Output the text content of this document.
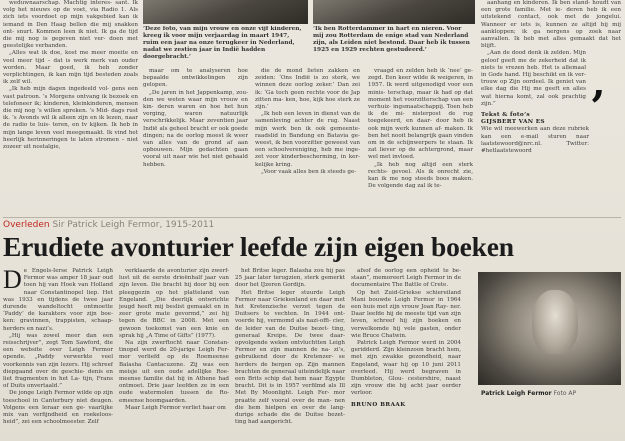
weduwnaarschap. Machtig interes- sant. Ik volg het nieuws op de voet, via Radio 1. Als zich iets voordoet op mijn vakgebied kan ik iemand in Den Haag bellen die mij snakken ont- snurt. Kommen leen ik niet. Ik ga de tijd die mij nog is gegeven niet ver- doen met geestelijke verbanden.

„Alles wat ik doe, kost me meer moeite en veel meer tijd – dat is werk merk van ouder worden. Maar goed, ik heb zonder verplichtingen, ik kan mijn tijd besteden zoals ik zelf wil.

„Ik heb mijn dagen ingedeeld vol- gens een vast patroon. ’s Morgens ontvang ik bezoek en telefoneer ik; kinderen, kleinkinderen, mensen die mij nog ’s willen spreken. ’s Mid- dags rust ik. ’s Avonds wil ik alleen zijn en ik lezen, naar de radio te luis- teren, en tv kijken. Ik heb in mijn lange leven veel meegemaakt. Ik vind het heerlijk herinneringen te laten stromen – niet zozeer uit nostalgie,

‘Deze foto, van mijn vrouw en onze vijf kinderen, kreeg ik voor mijn verjaardag in maart 1947, ruim een jaar na onze terugkeer in Nederland, nadat we zestien jaar in Indië hadden doorgebracht.’
‘Ik ben Rotterdammer in hart en nieren. Voor mij zou Rotterdam de enige stad van Nederland zijn, als Leiden niet bestond. Daar heb ik tussen 1925 en 1929 rechten gestudeerd.’

maar om te analyseren hoe bepaalde ontwikkelingen zijn gelopen.

„De jaren in het Jappenkamp, zou- den we weten waar mijn vrouw en kin- deren waren en hoe het hun verging, waren natuurlijk verschrikkelijk. Maar zeventien jaar Indië als geheel bracht er ook goede dingen; na de oorlog moest ik weer van alles van de grond af aan opbouwen. Mijn gedachten gaan vooral uit naar wie het niet gehaald hebben.

die de mond lieten zakken en zeiden: ‘Ons Indië is zo sterk, we winnen deze oorlog zeker.’ Dan zei ik: ‘Ga toch geen rechte voor de Jap zitten ma- ken, hoe, kijk hoe sterk ze zijn.’

„Ik heb een leven in dienst van de samenleving achter de rug. Naast mijn werk ben ik ook gemeente- raadslid in Bandung en Batavia ge- weest, ik ben voorzitter geweest van een schoolvereniging, heb me inge- zet voor kinderbescherming, in ker- kelijke kring.

„Voor vaak alles ben ik steeds ge-

vraagd en zelden heb ik ‘nee’ ge- zegd. Een keer wilde ik weigeren, in 1957. Ik werd uitgenodigd voor een minis- terschap, maar ik had op dat moment het voorzitterschap van een verhuiz- ingsmaatschappij. Toen heb ik de mi- nisterpost de rug toegekeerd, en daar- door heb ik ook mijn werk kunnen af- maken. Ik ben het nooit belangrijk gaan vinden om in de schijnwerpers te staan. Ik zat liever op de achtergrond, maar wel met invloed.

„Ik heb nog altijd een sterk rechts- gevoel. Als ik onrecht zie, kan ik me nog steeds boos maken. De volgende dag zal ik te-

aanhang en kinderen. Ik ben stand- houdt van een grote familie. Met ie- deren heb ik een uitstekend contact, ook met de jongelui. Wanneer er iets is, kunnen ze altijd bij mij aankloppen; ik ga nergens op zoek naar aanvallen. Ik heb met alles gemaakt dat het blijft.

„Aan de dood denk ik zelden. Mijn geloof geeft me de zekerheid dat ik niets te vrezen heb. Het is allemaal in Gods hand. Hij beschikt en ik ver- trouw op Zijn oordeel. Ik geniet van elke dag die Hij me geeft en alles wat hierna komt, zal ook prachtig zijn.”

Tekst & foto’s
GIJSBERT VAN ES
Wie wil meewerken aan deze rubriek kan een e-mail sturen naar laatstewoord@nrc.nl. Twitter: #hetlaatstewoord
’
Overleden Sir Patrick Leigh Fermor, 1915-2011
Erudiete avonturier leefde zijn eigen boeken
D e Engels-Ierse Patrick Leigh Fermor was amper 18 jaar oud toen hij van Hoek van Holland naar Constantinopel liep. Het was 1933 en tijdens de twee jaar durende wandeltocht ontmoette ‘Paddy’ de karakters voor zijn boe- ken: gravinnen, trappisten, schaap- herders en nazi’s.

„Hij was zowel meer dan een reisschrijver”, zegt Tom Sawford, die een website over Leigh Fermor opende. „Paddy verwerkte veel voorkennis van zijn lezers. Hij schreef diepgaand over de geschie- denis en liet fragmenten in het La- tijn, Frans of Duits onvertaald.”

De jonge Leigh Fermor wilde op zijn toeschool in Canterbury niet deugen. Volgens een leraar een ge- vaarlijke mix van verfijndheid en roekeloos- heid”, zei een schoolmeester. Zelf

verklaarde de avonturier zijn zwerf- lust uit de eerste drieënhalf jaar van zijn leven. Die bracht hij door bij een pleeggezin op het platteland van Engeland. „Die deerlijk ontwrichte jeugd heeft mij beslist gemaakt en in zeer grote mate gevormd,” zei hij tegen de BBC in 2008. Met een gewoon toekomst van een knie en sprak hij „A Time of Gifts” (1977).

Na zijn zwerftocht naar Constan- tinopel werd de 20-jarige Leigh Fer- mor verliefd op de Roemeense Balasha Cantacuzene. Zij was een meisje uit een oude adellijke Roe- meense familie dat hij in Athene had ontmoet. Drie jaar leefden ze in een oude watermolen tussen de Ro- emeense boomgaarden.

Maar Leigh Fermor verliet haar om

het Britse leger. Balasha zou hij pas 25 jaar later terugzien, sterk gemerkt door het IJzeren Gordijn.

Het Britse leger stuurde Leigh Fermor naar Griekenland en daar met het Kretenzische verzet tegen de Duitsers te vechten. In 1944 ont- voerde hij, vermomd als nazi-offi- cier, de leider van de Duitse bezet- ting, generaal Kreipe. De twee daar- opvolgende weken ontvluchtten Leigh Fermor en zijn mannen de na- zi’s, gebruikend door de Kretenzer- se herders de bergen op. Zijn mannen brachten de generaal uiteindelijk naar een Brits schip dat hem naar Egypte bracht. Dit is in 1957 verfilmd als Ill Met By Moonlight. Leigh Fer- mor praatte zelf vooral over de man- nen die hem hielpen en over de lang- durige schade die de Duitse bezet- ting had aangericht.

afsof de oorlog een opheid te be- staan”, memoreert Leigh Fermor in de documentaire The Battle of Crete.

Op het Zuid-Griekse schiereiland Mani bouwde Leigh Fermor in 1964 een huis met zijn vrouw Joan Ray- ner. Daar leefde hij de meeste tijd van zijn leven, schreef hij zijn boeken en verwelkomde hij vele gasten, onder wie Bruce Chatwin.

Patrick Leigh Fermor werd in 2004 geridderd. Zijn kleinzoon bracht hem, met zijn zwakke gezondheid, naar Engeland, waar hij op 10 juni 2011 overleed. Hij werd begraven in Dumbleton, Glou- cestershire, naast zijn vrouw die hij acht jaar eerder verloor.

BRUNO BRAAK
Patrick Leigh Fermor Foto AP
